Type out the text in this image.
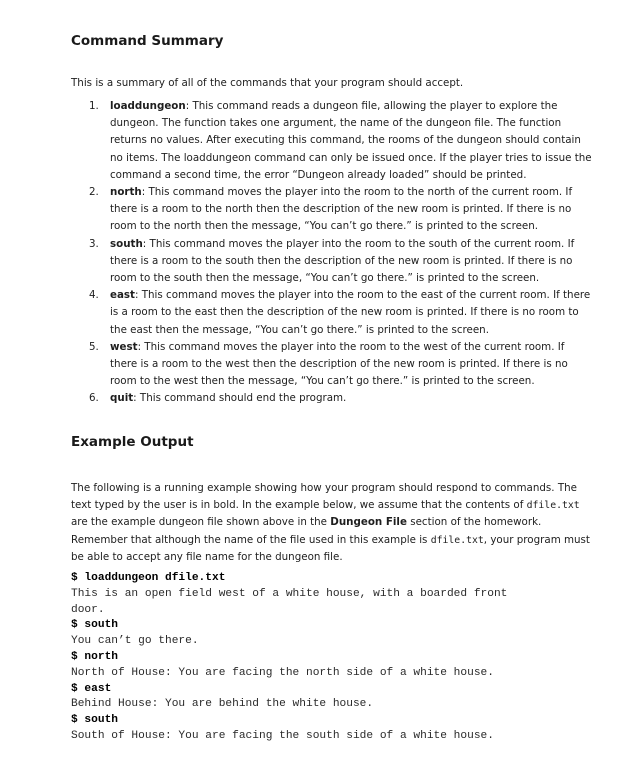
Command Summary

This is a summary of all of the commands that your program should accept.

1. loaddungeon: This command reads a dungeon file, allowing the player to explore the dungeon. The function takes one argument, the name of the dungeon file. The function returns no values. After executing this command, the rooms of the dungeon should contain no items. The loaddungeon command can only be issued once. If the player tries to issue the command a second time, the error “Dungeon already loaded” should be printed.
2. north: This command moves the player into the room to the north of the current room. If there is a room to the north then the description of the new room is printed. If there is no room to the north then the message, “You can’t go there.” is printed to the screen.
3. south: This command moves the player into the room to the south of the current room. If there is a room to the south then the description of the new room is printed. If there is no room to the south then the message, “You can’t go there.” is printed to the screen.
4. east: This command moves the player into the room to the east of the current room. If there is a room to the east then the description of the new room is printed. If there is no room to the east then the message, “You can’t go there.” is printed to the screen.
5. west: This command moves the player into the room to the west of the current room. If there is a room to the west then the description of the new room is printed. If there is no room to the west then the message, “You can’t go there.” is printed to the screen.
6. quit: This command should end the program.
Example Output

The following is a running example showing how your program should respond to commands. The text typed by the user is in bold. In the example below, we assume that the contents of dfile.txt are the example dungeon file shown above in the Dungeon File section of the homework. Remember that although the name of the file used in this example is dfile.txt, your program must be able to accept any file name for the dungeon file.

$ loaddungeon dfile.txt
This is an open field west of a white house, with a boarded front
door.
$ south
You can’t go there.
$ north
North of House: You are facing the north side of a white house.
$ east
Behind House: You are behind the white house.
$ south
South of House: You are facing the south side of a white house.
